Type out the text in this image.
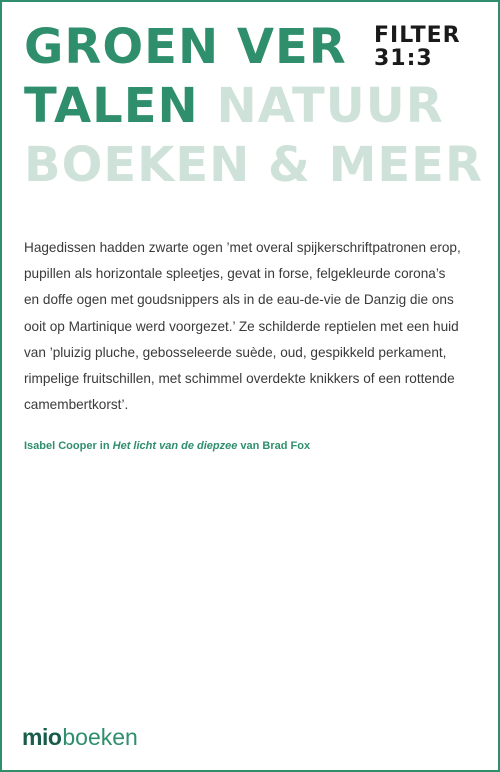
GROEN VER
TALEN NATUUR
BOEKEN & MEER
FILTER
31:3
Hagedissen hadden zwarte ogen ’met overal spijkerschriftpatronen erop,
pupillen als horizontale spleetjes, gevat in forse, felgekleurde corona’s
en doffe ogen met goudsnippers als in de eau-de-vie de Danzig die ons
ooit op Martinique werd voorgezet.’ Ze schilderde reptielen met een huid
van ’pluizig pluche, gebosseleerde suède, oud, gespikkeld perkament,
rimpelige fruitschillen, met schimmel overdekte knikkers of een rottende
camembertkorst’.
Isabel Cooper in Het licht van de diepzee van Brad Fox
mioboeken
